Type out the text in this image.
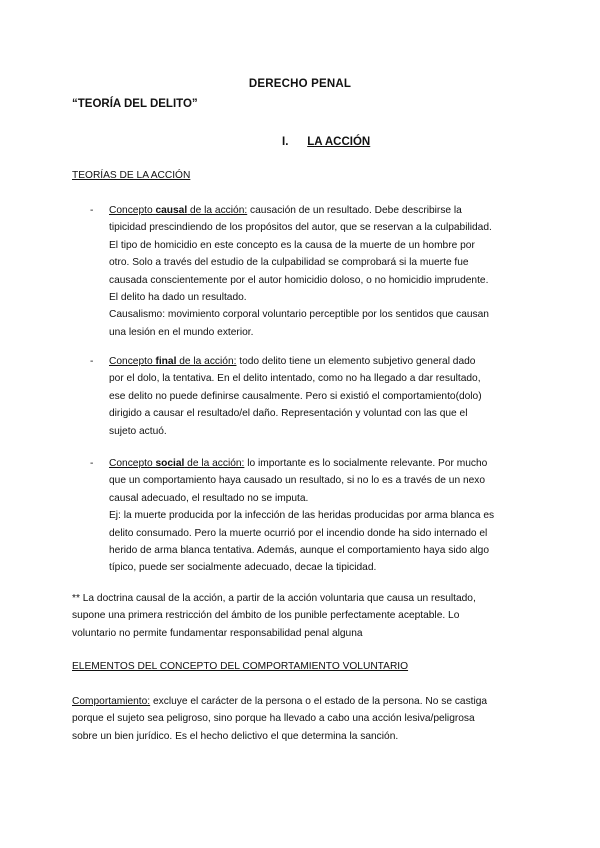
DERECHO PENAL
“TEORÍA DEL DELITO”
I. LA ACCIÓN
TEORÍAS DE LA ACCIÓN
- Concepto causal de la acción: causación de un resultado. Debe describirse la
tipicidad prescindiendo de los propósitos del autor, que se reservan a la culpabilidad.
El tipo de homicidio en este concepto es la causa de la muerte de un hombre por
otro. Solo a través del estudio de la culpabilidad se comprobará si la muerte fue
causada conscientemente por el autor homicidio doloso, o no homicidio imprudente.
El delito ha dado un resultado.
Causalismo: movimiento corporal voluntario perceptible por los sentidos que causan
una lesión en el mundo exterior.
- Concepto final de la acción: todo delito tiene un elemento subjetivo general dado
por el dolo, la tentativa. En el delito intentado, como no ha llegado a dar resultado,
ese delito no puede definirse causalmente. Pero si existió el comportamiento(dolo)
dirigido a causar el resultado/el daño. Representación y voluntad con las que el
sujeto actuó.
- Concepto social de la acción: lo importante es lo socialmente relevante. Por mucho
que un comportamiento haya causado un resultado, si no lo es a través de un nexo
causal adecuado, el resultado no se imputa.
Ej: la muerte producida por la infección de las heridas producidas por arma blanca es
delito consumado. Pero la muerte ocurrió por el incendio donde ha sido internado el
herido de arma blanca tentativa. Además, aunque el comportamiento haya sido algo
típico, puede ser socialmente adecuado, decae la tipicidad.
** La doctrina causal de la acción, a partir de la acción voluntaria que causa un resultado,
supone una primera restricción del ámbito de los punible perfectamente aceptable. Lo
voluntario no permite fundamentar responsabilidad penal alguna
ELEMENTOS DEL CONCEPTO DEL COMPORTAMIENTO VOLUNTARIO
Comportamiento: excluye el carácter de la persona o el estado de la persona. No se castiga
porque el sujeto sea peligroso, sino porque ha llevado a cabo una acción lesiva/peligrosa
sobre un bien jurídico. Es el hecho delictivo el que determina la sanción.
